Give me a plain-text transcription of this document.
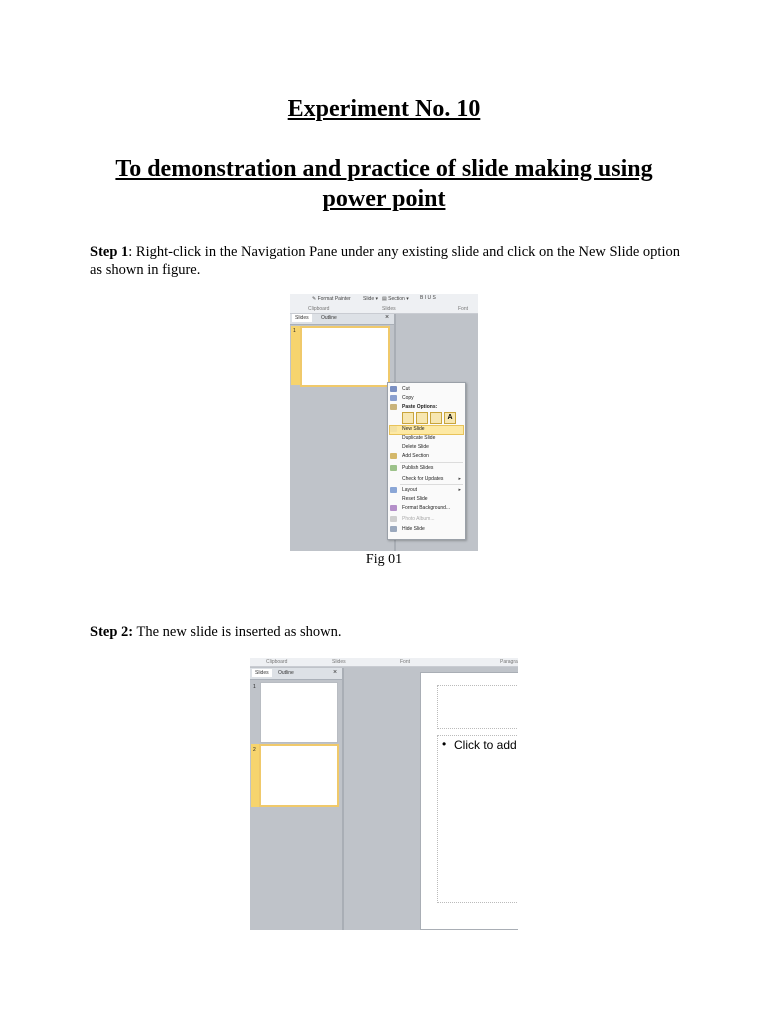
Experiment No. 10
To demonstration and practice of slide making using
power point
Step 1: Right-click in the Navigation Pane under any existing slide and click on the New Slide option as shown in figure.
✎ Format Painter Slide ▾ ▤ Section ▾ B I U S
Clipboard	Slides	Font
Slides	Outline	×
1
Cut
Copy
Paste Options:
A
New Slide
Duplicate Slide
Delete Slide
Add Section
Publish Slides
Check for Updates	▸
Layout	▸
Reset Slide
Format Background...
Photo Album...
Hide Slide
Fig 01
Step 2: The new slide is inserted as shown.
Clipboard	Slides	Font	Paragra
Slides	Outline	×
1
2	• Click to add
